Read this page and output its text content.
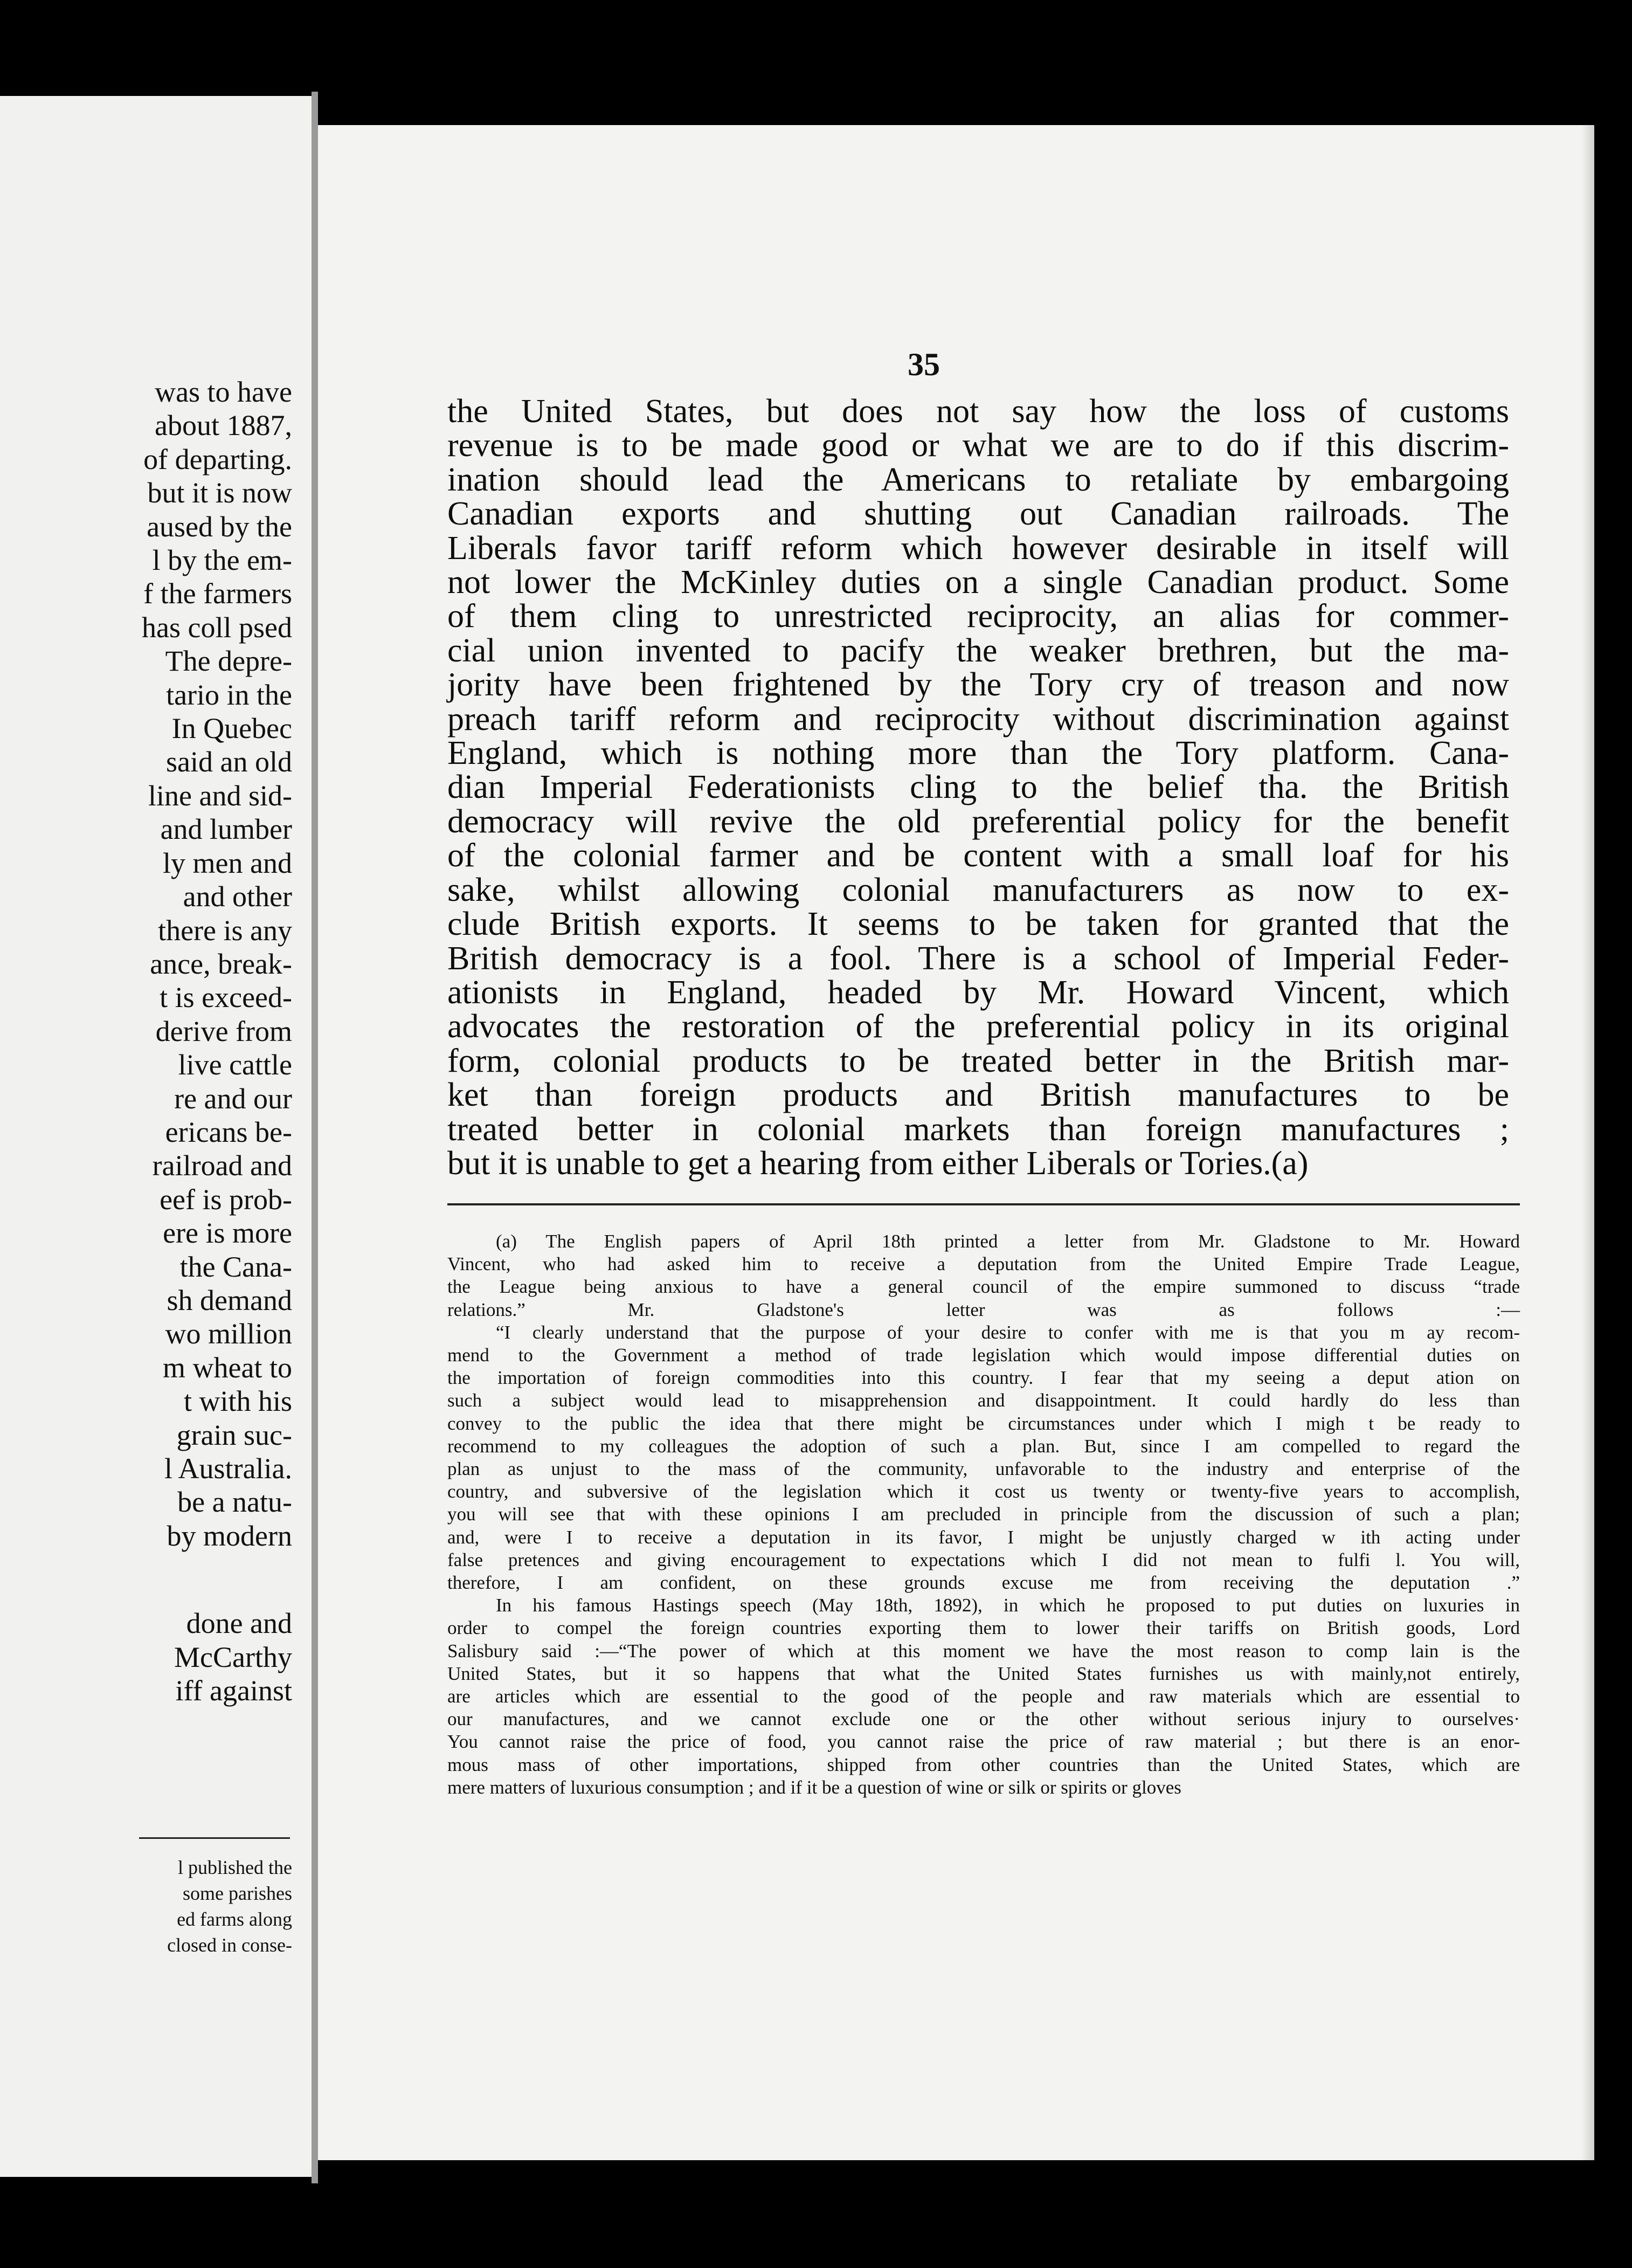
was to have
about 1887,
of departing.
but it is now
aused by the
l by the em-
f the farmers
has coll psed
The depre-
tario in the
In Quebec
said an old
line and sid-
and lumber
ly men and
and other
there is any
ance, break-
t is exceed-
derive from
live cattle
re and our
ericans be-
railroad and
eef is prob-
ere is more
the Cana-
sh demand
wo million
m wheat to
t with his
grain suc-
l Australia.
be a natu-
by modern
done and
McCarthy
iff against
l published the
some parishes
ed farms along
closed in conse-
35
the United States, but does not say how the loss of customs
revenue is to be made good or what we are to do if this discrim-
ination should lead the Americans to retaliate by embargoing
Canadian exports and shutting out Canadian railroads. The
Liberals favor tariff reform which however desirable in itself will
not lower the McKinley duties on a single Canadian product. Some
of them cling to unrestricted reciprocity, an alias for commer-
cial union invented to pacify the weaker brethren, but the ma-
jority have been frightened by the Tory cry of treason and now
preach tariff reform and reciprocity without discrimination against
England, which is nothing more than the Tory platform. Cana-
dian Imperial Federationists cling to the belief tha. the British
democracy will revive the old preferential policy for the benefit
of the colonial farmer and be content with a small loaf for his
sake, whilst allowing colonial manufacturers as now to ex-
clude British exports. It seems to be taken for granted that the
British democracy is a fool. There is a school of Imperial Feder-
ationists in England, headed by Mr. Howard Vincent, which
advocates the restoration of the preferential policy in its original
form, colonial products to be treated better in the British mar-
ket than foreign products and British manufactures to be
treated better in colonial markets than foreign manufactures ;
but it is unable to get a hearing from either Liberals or Tories.(a)
(a) The English papers of April 18th printed a letter from Mr. Gladstone to Mr. Howard
Vincent, who had asked him to receive a deputation from the United Empire Trade League,
the League being anxious to have a general council of the empire summoned to discuss “trade
relations.” Mr. Gladstone's letter was as follows :—
“I clearly understand that the purpose of your desire to confer with me is that you m ay recom-
mend to the Government a method of trade legislation which would impose differential duties on
the importation of foreign commodities into this country. I fear that my seeing a deput ation on
such a subject would lead to misapprehension and disappointment. It could hardly do less than
convey to the public the idea that there might be circumstances under which I migh t be ready to
recommend to my colleagues the adoption of such a plan. But, since I am compelled to regard the
plan as unjust to the mass of the community, unfavorable to the industry and enterprise of the
country, and subversive of the legislation which it cost us twenty or twenty-five years to accomplish,
you will see that with these opinions I am precluded in principle from the discussion of such a plan;
and, were I to receive a deputation in its favor, I might be unjustly charged w ith acting under
false pretences and giving encouragement to expectations which I did not mean to fulfi l. You will,
therefore, I am confident, on these grounds excuse me from receiving the deputation .”
In his famous Hastings speech (May 18th, 1892), in which he proposed to put duties on luxuries in
order to compel the foreign countries exporting them to lower their tariffs on British goods, Lord
Salisbury said :—“The power of which at this moment we have the most reason to comp lain is the
United States, but it so happens that what the United States furnishes us with mainly,not entirely,
are articles which are essential to the good of the people and raw materials which are essential to
our manufactures, and we cannot exclude one or the other without serious injury to ourselves·
You cannot raise the price of food, you cannot raise the price of raw material ; but there is an enor-
mous mass of other importations, shipped from other countries than the United States, which are
mere matters of luxurious consumption ; and if it be a question of wine or silk or spirits or gloves
